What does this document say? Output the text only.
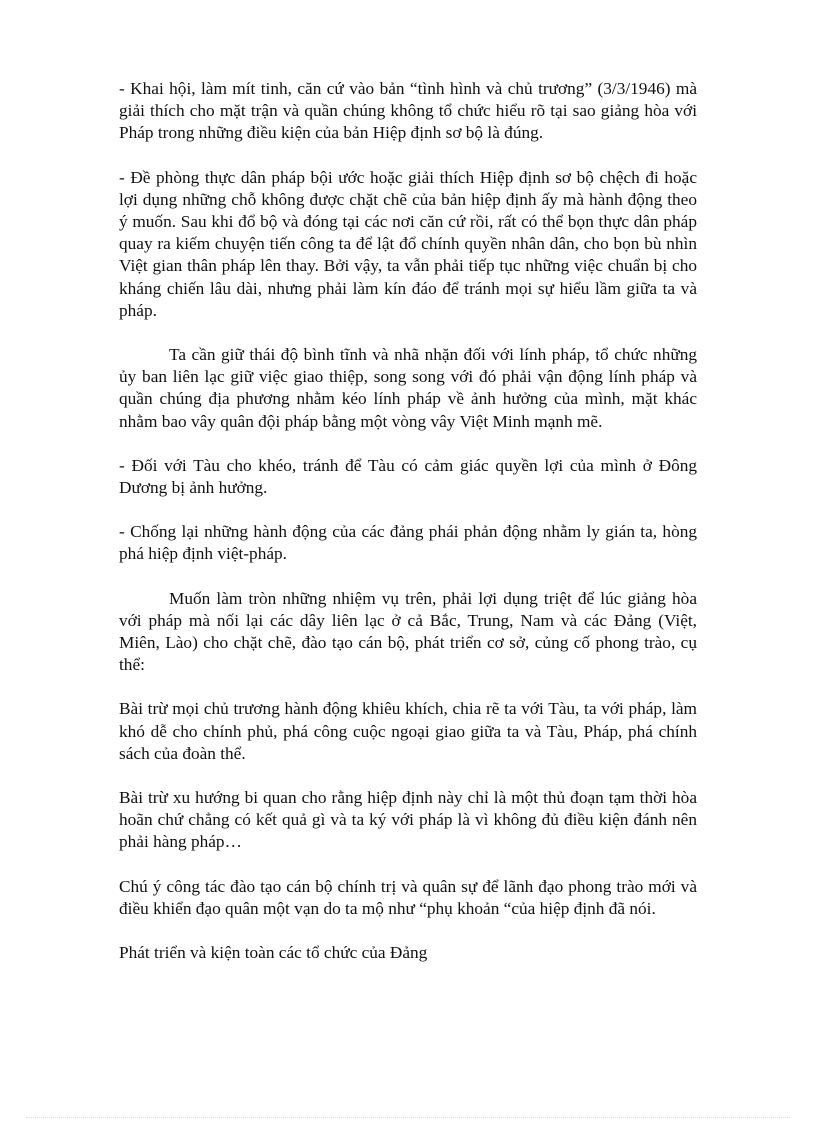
- Khai hội, làm mít tinh, căn cứ vào bản “tình hình và chủ trương” (3/3/1946) mà giải thích cho mặt trận và quần chúng không tổ chức hiểu rõ tại sao giảng hòa với Pháp trong những điều kiện của bản Hiệp định sơ bộ là đúng.

- Đề phòng thực dân pháp bội ước hoặc giải thích Hiệp định sơ bộ chệch đi hoặc lợi dụng những chỗ không được chặt chẽ của bản hiệp định ấy mà hành động theo ý muốn. Sau khi đổ bộ và đóng tại các nơi căn cứ rồi, rất có thể bọn thực dân pháp quay ra kiếm chuyện tiến công ta để lật đổ chính quyền nhân dân, cho bọn bù nhìn Việt gian thân pháp lên thay. Bởi vậy, ta vẫn phải tiếp tục những việc chuẩn bị cho kháng chiến lâu dài, nhưng phải làm kín đáo để tránh mọi sự hiểu lầm giữa ta và pháp.

Ta cần giữ thái độ bình tĩnh và nhã nhặn đối với lính pháp, tổ chức những ủy ban liên lạc giữ việc giao thiệp, song song với đó phải vận động lính pháp và quần chúng địa phương nhằm kéo lính pháp về ảnh hưởng của mình, mặt khác nhằm bao vây quân đội pháp bằng một vòng vây Việt Minh mạnh mẽ.

- Đối với Tàu cho khéo, tránh để Tàu có cảm giác quyền lợi của mình ở Đông Dương bị ảnh hưởng.

- Chống lại những hành động của các đảng phái phản động nhằm ly gián ta, hòng phá hiệp định việt-pháp.

Muốn làm tròn những nhiệm vụ trên, phải lợi dụng triệt để lúc giảng hòa với pháp mà nối lại các dây liên lạc ở cả Bắc, Trung, Nam và các Đảng (Việt, Miên, Lào) cho chặt chẽ, đào tạo cán bộ, phát triển cơ sở, củng cố phong trào, cụ thể:

Bài trừ mọi chủ trương hành động khiêu khích, chia rẽ ta với Tàu, ta với pháp, làm khó dễ cho chính phủ, phá công cuộc ngoại giao giữa ta và Tàu, Pháp, phá chính sách của đoàn thể.

Bài trừ xu hướng bi quan cho rằng hiệp định này chỉ là một thủ đoạn tạm thời hòa hoãn chứ chẳng có kết quả gì và ta ký với pháp là vì không đủ điều kiện đánh nên phải hàng pháp…

Chú ý công tác đào tạo cán bộ chính trị và quân sự để lãnh đạo phong trào mới và điều khiển đạo quân một vạn do ta mộ như “phụ khoản “của hiệp định đã nói.

Phát triển và kiện toàn các tổ chức của Đảng
